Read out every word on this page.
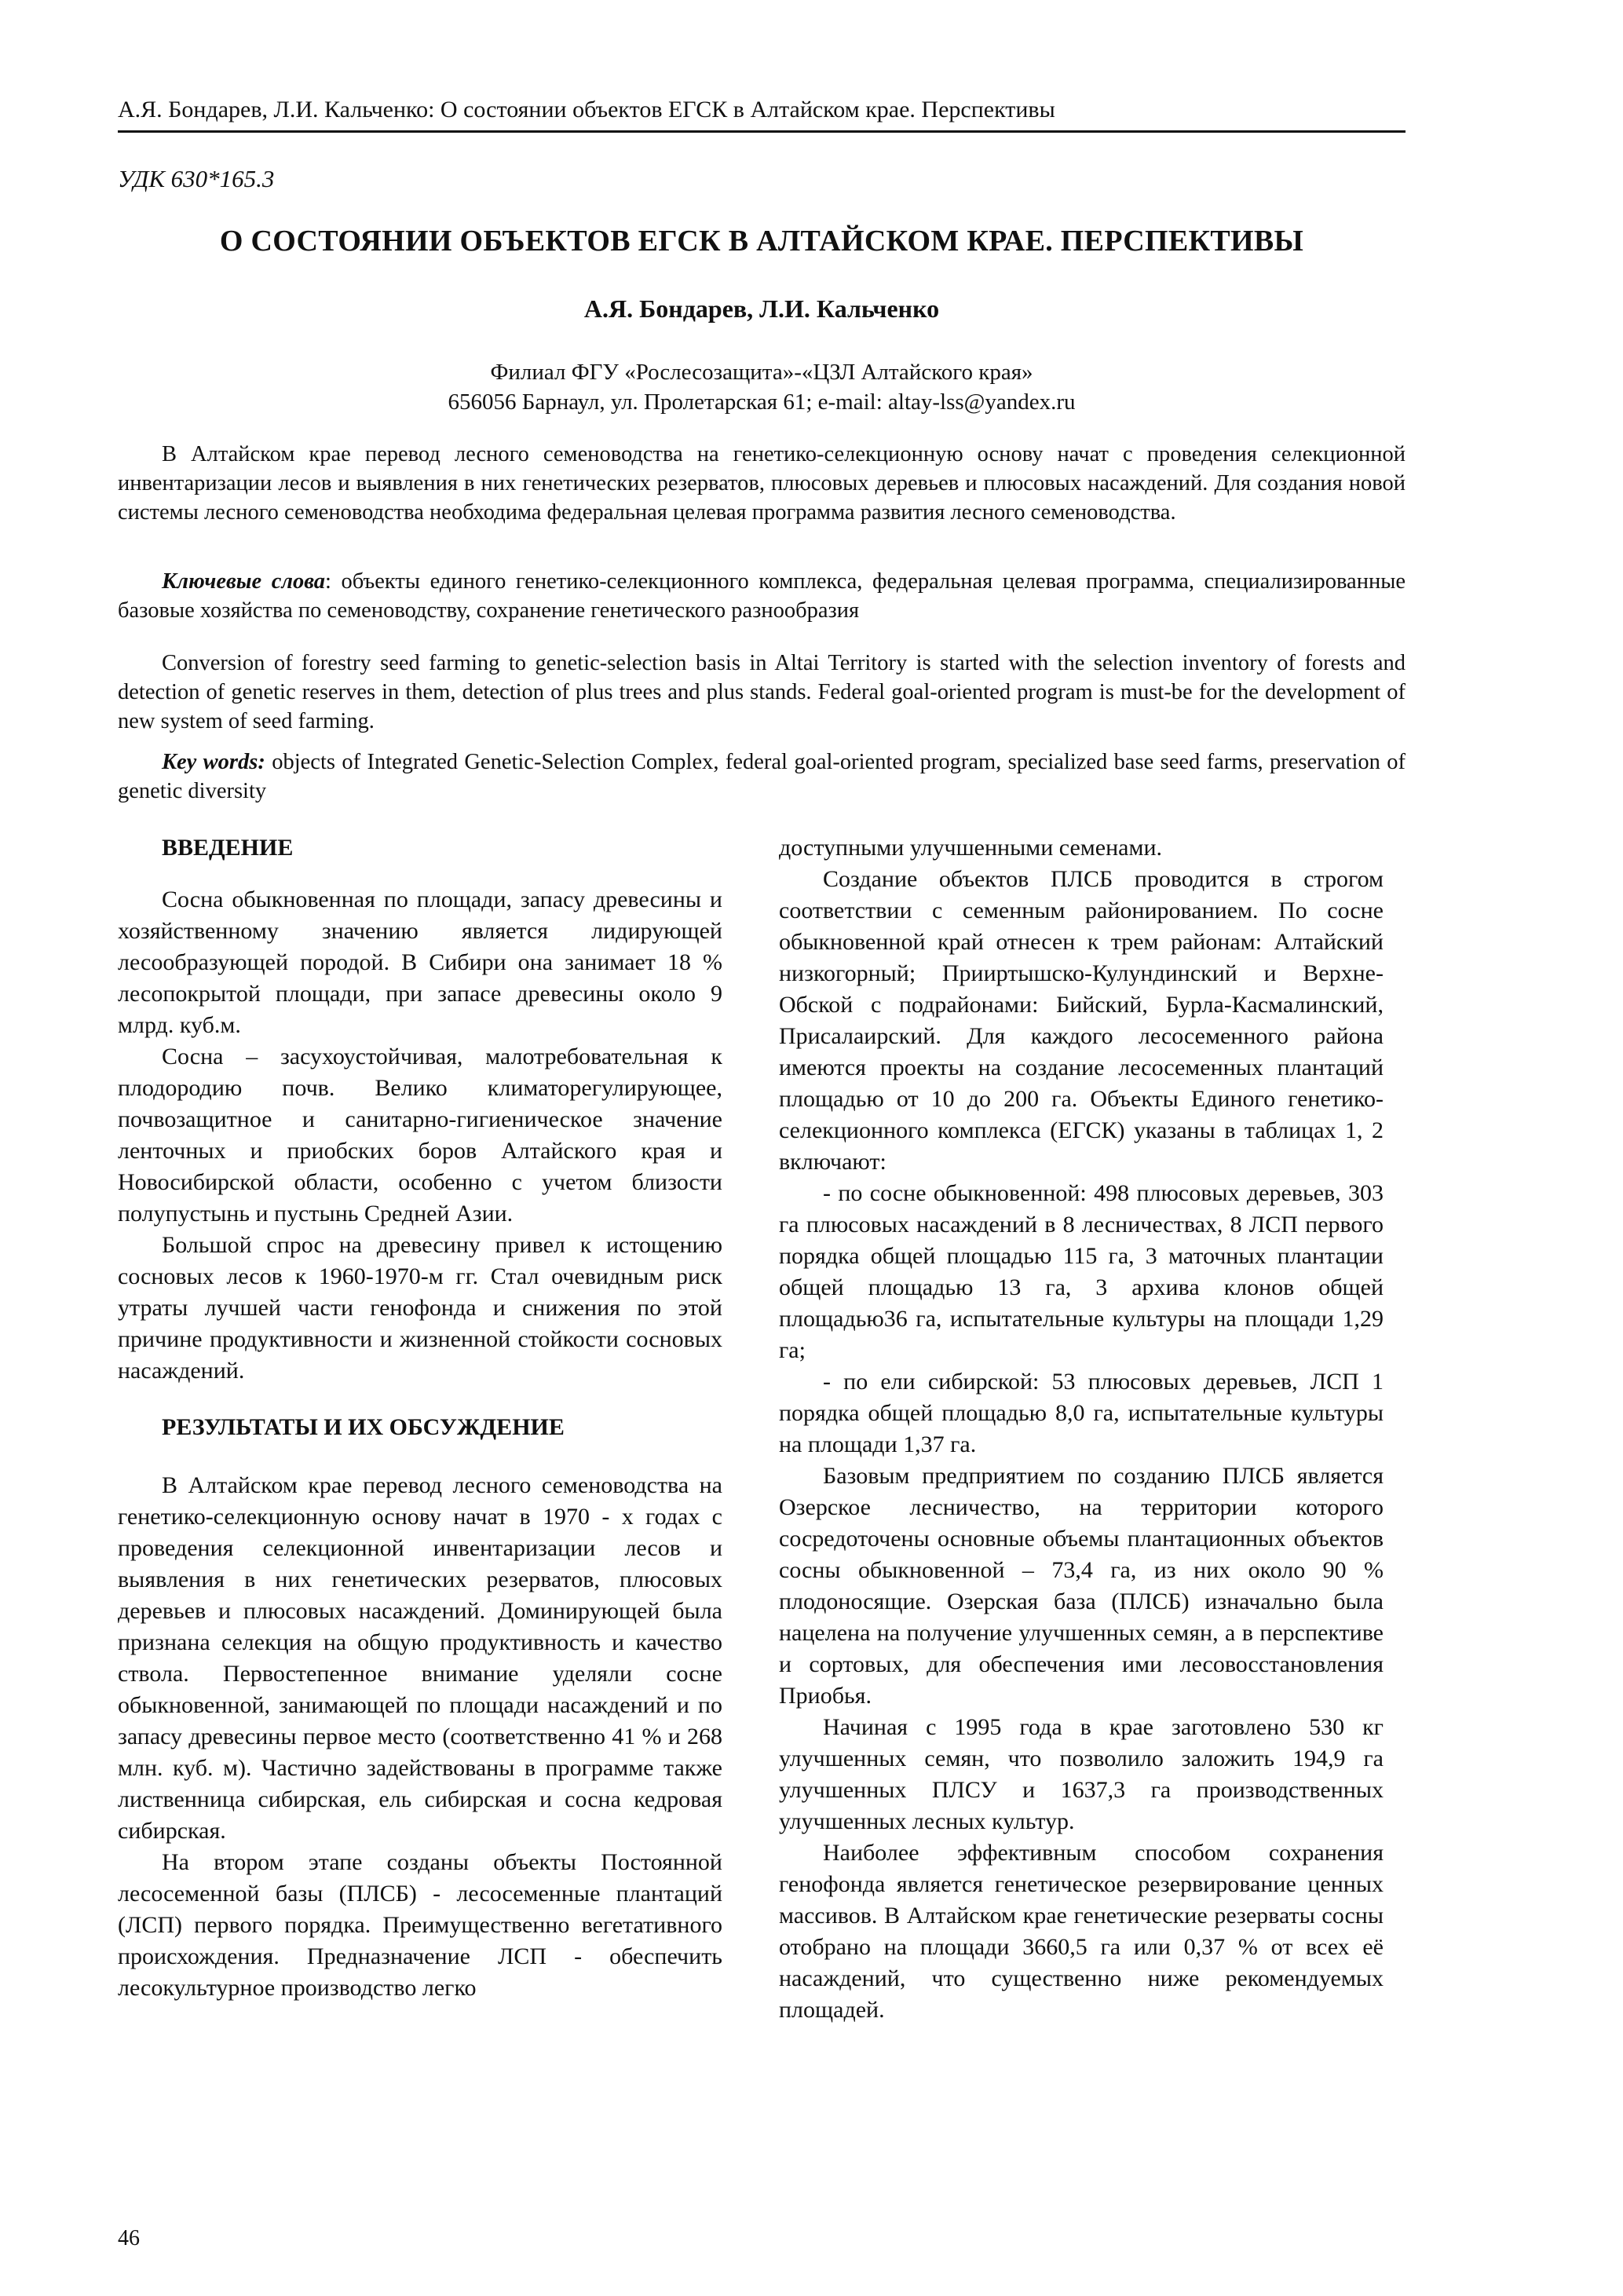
А.Я. Бондарев, Л.И. Кальченко: О состоянии объектов ЕГСК в Алтайском крае. Перспективы
УДК 630*165.3
О СОСТОЯНИИ ОБЪЕКТОВ ЕГСК В АЛТАЙСКОМ КРАЕ. ПЕРСПЕКТИВЫ
А.Я. Бондарев, Л.И. Кальченко
Филиал ФГУ «Рослесозащита»-«ЦЗЛ Алтайского края»
656056 Барнаул, ул. Пролетарская 61; e-mail: altay-lss@yandex.ru

В Алтайском крае перевод лесного семеноводства на генетико-селекционную основу начат с проведения селекционной инвентаризации лесов и выявления в них генетических резерватов, плюсовых деревьев и плюсовых насаждений. Для создания новой системы лесного семеноводства необходима федеральная целевая программа развития лесного семеноводства.

Ключевые слова: объекты единого генетико-селекционного комплекса, федеральная целевая программа, специализированные базовые хозяйства по семеноводству, сохранение генетического разнообразия

Conversion of forestry seed farming to genetic-selection basis in Altai Territory is started with the selection inventory of forests and detection of genetic reserves in them, detection of plus trees and plus stands. Federal goal-oriented program is must-be for the development of new system of seed farming.

Key words: objects of Integrated Genetic-Selection Complex, federal goal-oriented program, specialized base seed farms, preservation of genetic diversity

ВВЕДЕНИЕ

Сосна обыкновенная по площади, запасу древесины и хозяйственному значению является лидирующей лесообразующей породой. В Сибири она занимает 18 % лесопокрытой площади, при запасе древесины около 9 млрд. куб.м.

Сосна – засухоустойчивая, малотребовательная к плодородию почв. Велико климаторегулирующее, почвозащитное и санитарно-гигиеническое значение ленточных и приобских боров Алтайского края и Новосибирской области, особенно с учетом близости полупустынь и пустынь Средней Азии.

Большой спрос на древесину привел к истощению сосновых лесов к 1960-1970-м гг. Стал очевидным риск утраты лучшей части генофонда и снижения по этой причине продуктивности и жизненной стойкости сосновых насаждений.

РЕЗУЛЬТАТЫ И ИХ ОБСУЖДЕНИЕ

В Алтайском крае перевод лесного семеноводства на генетико-селекционную основу начат в 1970 - х годах с проведения селекционной инвентаризации лесов и выявления в них генетических резерватов, плюсовых деревьев и плюсовых насаждений. Доминирующей была признана селекция на общую продуктивность и качество ствола. Первостепенное внимание уделяли сосне обыкновенной, занимающей по площади насаждений и по запасу древесины первое место (соответственно 41 % и 268 млн. куб. м). Частично задействованы в программе также лиственница сибирская, ель сибирская и сосна кедровая сибирская.

На втором этапе созданы объекты Постоянной лесосеменной базы (ПЛСБ) - лесосеменные плантаций (ЛСП) первого порядка. Преимущественно вегетативного происхождения. Предназначение ЛСП - обеспечить лесокультурное производство легко

доступными улучшенными семенами.

Создание объектов ПЛСБ проводится в строгом соответствии с семенным районированием. По сосне обыкновенной край отнесен к трем районам: Алтайский низкогорный; Прииртышско-Кулундинский и Верхне-Обской с подрайонами: Бийский, Бурла-Касмалинский, Присалаирский. Для каждого лесосеменного района имеются проекты на создание лесосеменных плантаций площадью от 10 до 200 га. Объекты Единого генетико-селекционного комплекса (ЕГСК) указаны в таблицах 1, 2 включают:

- по сосне обыкновенной: 498 плюсовых деревьев, 303 га плюсовых насаждений в 8 лесничествах, 8 ЛСП первого порядка общей площадью 115 га, 3 маточных плантации общей площадью 13 га, 3 архива клонов общей площадью36 га, испытательные культуры на площади 1,29 га;

- по ели сибирской: 53 плюсовых деревьев, ЛСП 1 порядка общей площадью 8,0 га, испытательные культуры на площади 1,37 га.

Базовым предприятием по созданию ПЛСБ является Озерское лесничество, на территории которого сосредоточены основные объемы плантационных объектов сосны обыкновенной – 73,4 га, из них около 90 % плодоносящие. Озерская база (ПЛСБ) изначально была нацелена на получение улучшенных семян, а в перспективе и сортовых, для обеспечения ими лесовосстановления Приобья.

Начиная с 1995 года в крае заготовлено 530 кг улучшенных семян, что позволило заложить 194,9 га улучшенных ПЛСУ и 1637,3 га производственных улучшенных лесных культур.

Наиболее эффективным способом сохранения генофонда является генетическое резервирование ценных массивов. В Алтайском крае генетические резерваты сосны отобрано на площади 3660,5 га или 0,37 % от всех её насаждений, что существенно ниже рекомендуемых площадей.

46
